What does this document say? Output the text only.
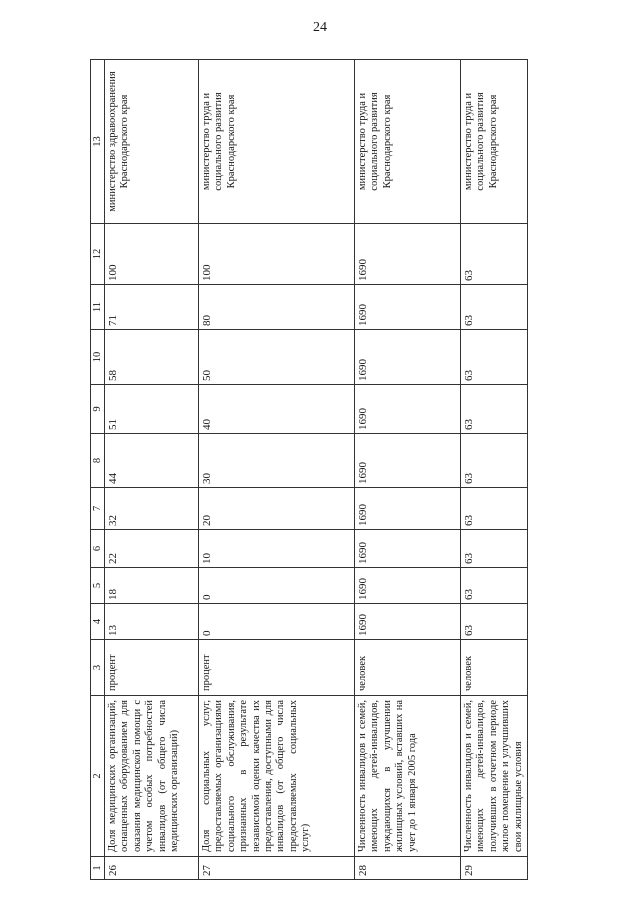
24
1	2	3	4	5	6	7	8	9	10	11	12	13
26	Доля медицинских организаций, оснащенных оборудованием для оказания медицинской помощи с учетом особых потребностей инвалидов (от общего числа медицинских организаций)	процент	13	18	22	32	44	51	58	71	100	министерство здравоохранения Краснодарского края
27	Доля социальных услуг, предоставляемых организациями социального обслуживания, признанных в результате независимой оценки качества их предоставления, доступными для инвалидов (от общего числа предоставляемых социальных услуг)	процент	0	0	10	20	30	40	50	80	100	министерство труда и социального развития Краснодарского края
28	Численность инвалидов и семей, имеющих детей-инвалидов, нуждающихся в улучшении жилищных условий, вставших на учет до 1 января 2005 года	человек	1690	1690	1690	1690	1690	1690	1690	1690	1690	министерство труда и социального развития Краснодарского края
29	Численность инвалидов и семей, имеющих детей-инвалидов, получивших в отчетном периоде жилое помещение и улучшивших свои жилищные условия	человек	63	63	63	63	63	63	63	63	63	министерство труда и социального развития Краснодарского края
